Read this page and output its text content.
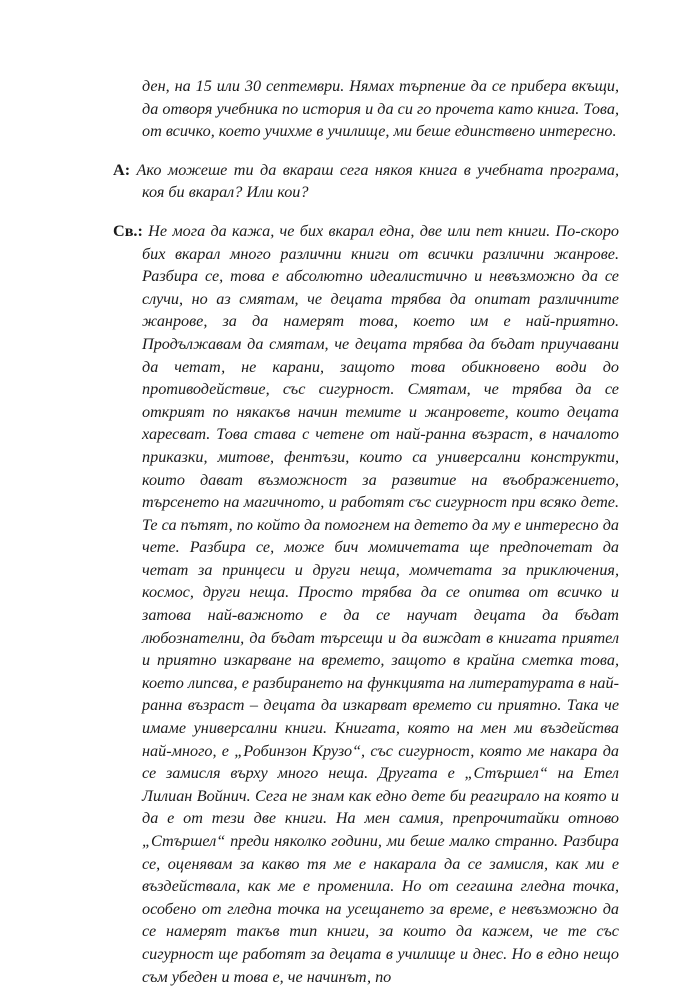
ден, на 15 или 30 септември. Нямах търпение да се прибера вкъщи, да отворя учебника по история и да си го прочета като книга. Това, от всичко, което учихме в училище, ми беше единствено интересно.

А: Ако можеше ти да вкараш сега някоя книга в учебната програма, коя би вкарал? Или кои?

Св.: Не мога да кажа, че бих вкарал една, две или пет книги. По-скоро бих вкарал много различни книги от всички различни жанрове. Разбира се, това е абсолютно идеалистично и невъзможно да се случи, но аз смятам, че децата трябва да опитат различните жанрове, за да намерят това, което им е най-приятно. Продължавам да смятам, че децата трябва да бъдат приучавани да четат, не карани, защото това обикновено води до противодействие, със сигурност. Смятам, че трябва да се открият по някакъв начин темите и жанровете, които децата харесват. Това става с четене от най-ранна възраст, в началото приказки, митове, фентъзи, които са универсални конструкти, които дават възможност за развитие на въображението, търсенето на магичното, и работят със сигурност при всяко дете. Те са пътят, по който да помогнем на детето да му е интересно да чете. Разбира се, може бич момичетата ще предпочетат да четат за принцеси и други неща, момчетата за приключения, космос, други неща. Просто трябва да се опитва от всичко и затова най-важното е да се научат децата да бъдат любознателни, да бъдат търсещи и да виждат в книгата приятел и приятно изкарване на времето, защото в крайна сметка това, което липсва, е разбирането на функцията на литературата в най-ранна възраст – децата да изкарват времето си приятно. Така че имаме универсални книги. Книгата, която на мен ми въздейства най-много, е „Робинзон Крузо“, със сигурност, която ме накара да се замисля върху много неща. Другата е „Стършел“ на Етел Лилиан Войнич. Сега не знам как едно дете би реагирало на която и да е от тези две книги. На мен самия, препрочитайки отново „Стършел“ преди няколко години, ми беше малко странно. Разбира се, оценявам за какво тя ме е накарала да се замисля, как ми е въздействала, как ме е променила. Но от сегашна гледна точка, особено от гледна точка на усещането за време, е невъзможно да се намерят такъв тип книги, за които да кажем, че те със сигурност ще работят за децата в училище и днес. Но в едно нещо съм убеден и това е, че начинът, по
